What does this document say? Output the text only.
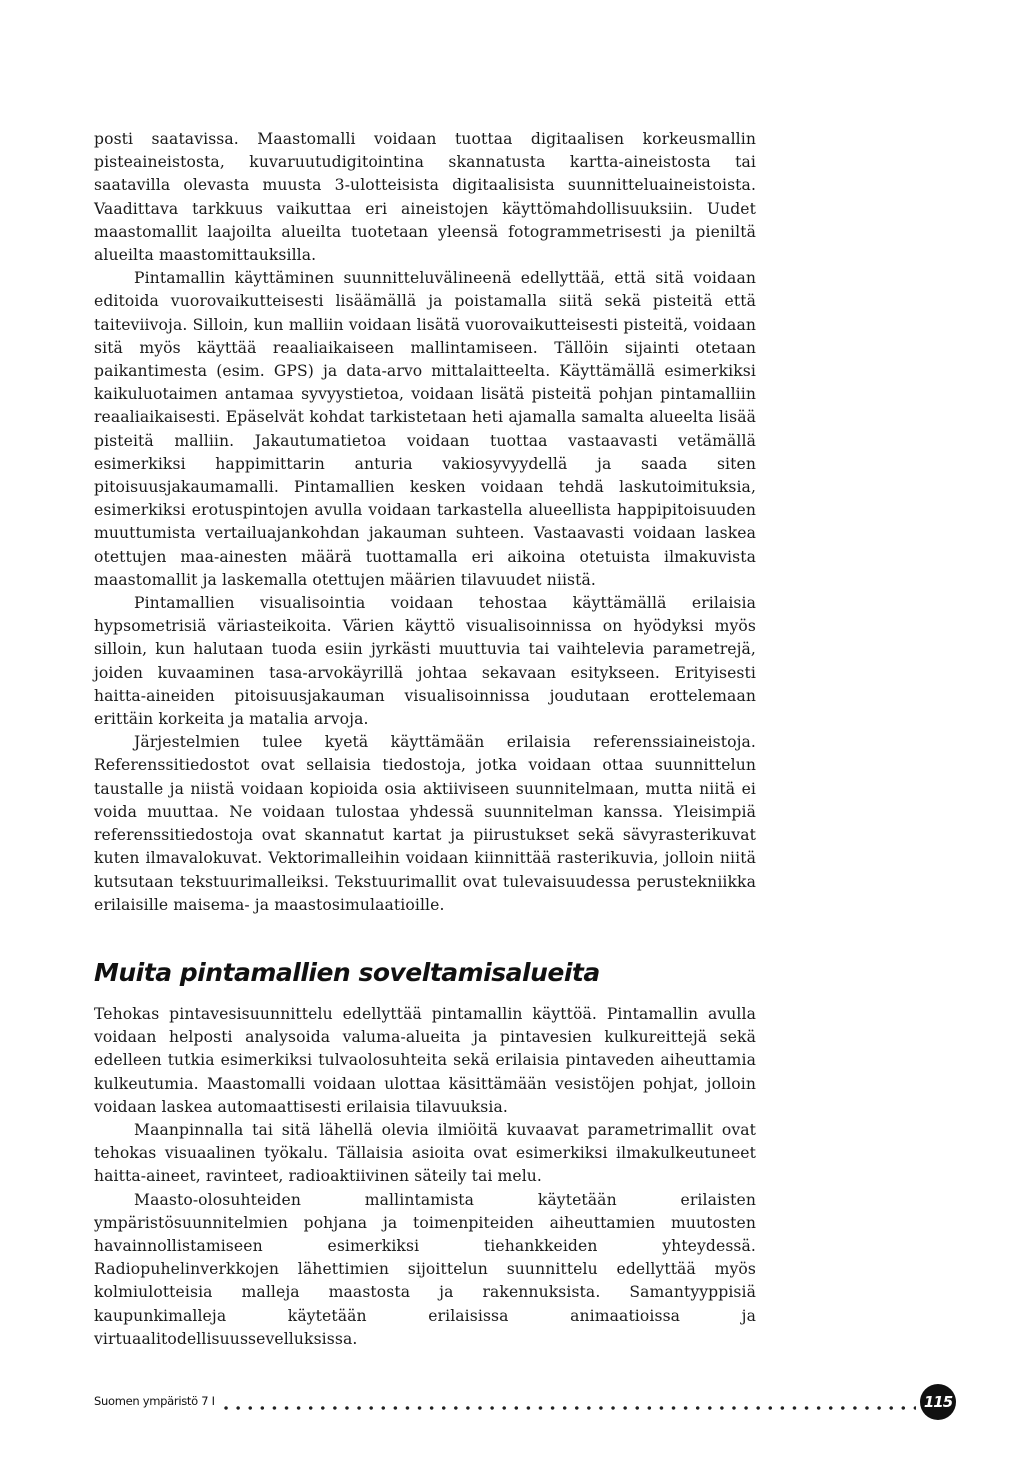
posti saatavissa. Maastomalli voidaan tuottaa digitaalisen korkeusmallin pisteaineistosta, kuvaruutudigitointina skannatusta kartta-aineistosta tai saatavilla olevasta muusta 3-ulotteisista digitaalisista suunnitteluaineistoista. Vaadittava tarkkuus vaikuttaa eri aineistojen käyttömahdollisuuksiin. Uudet maastomallit laajoilta alueilta tuotetaan yleensä fotogrammetrisesti ja pieniltä alueilta maastomittauksilla.

Pintamallin käyttäminen suunnitteluvälineenä edellyttää, että sitä voidaan editoida vuorovaikutteisesti lisäämällä ja poistamalla siitä sekä pisteitä että taiteviivoja. Silloin, kun malliin voidaan lisätä vuorovaikutteisesti pisteitä, voidaan sitä myös käyttää reaaliaikaiseen mallintamiseen. Tällöin sijainti otetaan paikantimesta (esim. GPS) ja data-arvo mittalaitteelta. Käyttämällä esimerkiksi kaikuluotaimen antamaa syvyystietoa, voidaan lisätä pisteitä pohjan pintamalliin reaaliaikaisesti. Epäselvät kohdat tarkistetaan heti ajamalla samalta alueelta lisää pisteitä malliin. Jakautumatietoa voidaan tuottaa vastaavasti vetämällä esimerkiksi happimittarin anturia vakiosyvyydellä ja saada siten pitoisuusjakaumamalli. Pintamallien kesken voidaan tehdä laskutoimituksia, esimerkiksi erotuspintojen avulla voidaan tarkastella alueellista happipitoisuuden muuttumista vertailuajankohdan jakauman suhteen. Vastaavasti voidaan laskea otettujen maa-ainesten määrä tuottamalla eri aikoina otetuista ilmakuvista maastomallit ja laskemalla otettujen määrien tilavuudet niistä.

Pintamallien visualisointia voidaan tehostaa käyttämällä erilaisia hypsometrisiä väriasteikoita. Värien käyttö visualisoinnissa on hyödyksi myös silloin, kun halutaan tuoda esiin jyrkästi muuttuvia tai vaihtelevia parametrejä, joiden kuvaaminen tasa-arvokäyrillä johtaa sekavaan esitykseen. Erityisesti haitta-aineiden pitoisuusjakauman visualisoinnissa joudutaan erottelemaan erittäin korkeita ja matalia arvoja.

Järjestelmien tulee kyetä käyttämään erilaisia referenssiaineistoja. Referenssitiedostot ovat sellaisia tiedostoja, jotka voidaan ottaa suunnittelun taustalle ja niistä voidaan kopioida osia aktiiviseen suunnitelmaan, mutta niitä ei voida muuttaa. Ne voidaan tulostaa yhdessä suunnitelman kanssa. Yleisimpiä referenssitiedostoja ovat skannatut kartat ja piirustukset sekä sävyrasterikuvat kuten ilmavalokuvat. Vektorimalleihin voidaan kiinnittää rasterikuvia, jolloin niitä kutsutaan tekstuurimalleiksi. Tekstuurimallit ovat tulevaisuudessa perustekniikka erilaisille maisema- ja maastosimulaatioille.

Muita pintamallien soveltamisalueita

Tehokas pintavesisuunnittelu edellyttää pintamallin käyttöä. Pintamallin avulla voidaan helposti analysoida valuma-alueita ja pintavesien kulkureittejä sekä edelleen tutkia esimerkiksi tulvaolosuhteita sekä erilaisia pintaveden aiheuttamia kulkeutumia. Maastomalli voidaan ulottaa käsittämään vesistöjen pohjat, jolloin voidaan laskea automaattisesti erilaisia tilavuuksia.

Maanpinnalla tai sitä lähellä olevia ilmiöitä kuvaavat parametrimallit ovat tehokas visuaalinen työkalu. Tällaisia asioita ovat esimerkiksi ilmakulkeutuneet haitta-aineet, ravinteet, radioaktiivinen säteily tai melu.

Maasto-olosuhteiden mallintamista käytetään erilaisten ympäristösuunnitelmien pohjana ja toimenpiteiden aiheuttamien muutosten havainnollistamiseen esimerkiksi tiehankkeiden yhteydessä. Radiopuhelinverkkojen lähettimien sijoittelun suunnittelu edellyttää myös kolmiulotteisia malleja maastosta ja rakennuksista. Samantyyppisiä kaupunkimalleja käytetään erilaisissa animaatioissa ja virtuaalitodellisuussevelluksissa.

Suomen ympäristö 7 I	115
